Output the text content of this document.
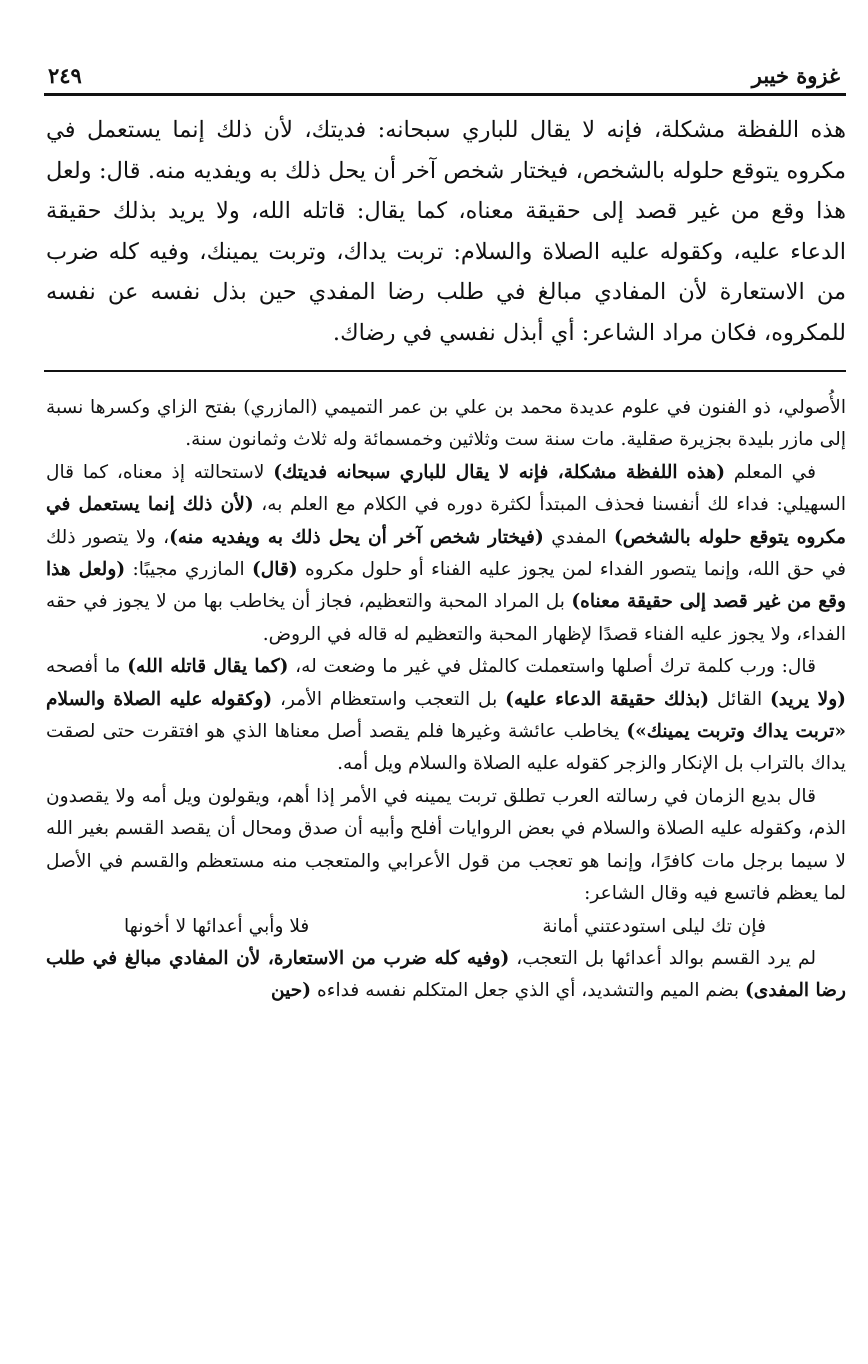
غزوة خيبر
٢٤٩

هذه اللفظة مشكلة، فإنه لا يقال للباري سبحانه: فديتك، لأن ذلك إنما يستعمل في مكروه يتوقع حلوله بالشخص، فيختار شخص آخر أن يحل ذلك به ويفديه منه. قال: ولعل هذا وقع من غير قصد إلى حقيقة معناه، كما يقال: قاتله الله، ولا يريد بذلك حقيقة الدعاء عليه، وكقوله عليه الصلاة والسلام: تربت يداك، وتربت يمينك، وفيه كله ضرب من الاستعارة لأن المفادي مبالغ في طلب رضا المفدي حين بذل نفسه عن نفسه للمكروه، فكان مراد الشاعر: أي أبذل نفسي في رضاك.

الأُصولي، ذو الفنون في علوم عديدة محمد بن علي بن عمر التميمي (المازري) بفتح الزاي وكسرها نسبة إلى مازر بليدة بجزيرة صقلية. مات سنة ست وثلاثين وخمسمائة وله ثلاث وثمانون سنة.

في المعلم (هذه اللفظة مشكلة، فإنه لا يقال للباري سبحانه فديتك) لاستحالته إذ معناه، كما قال السهيلي: فداء لك أنفسنا فحذف المبتدأ لكثرة دوره في الكلام مع العلم به، (لأن ذلك إنما يستعمل في مكروه يتوقع حلوله بالشخص) المفدي (فيختار شخص آخر أن يحل ذلك به ويفديه منه)، ولا يتصور ذلك في حق الله، وإنما يتصور الفداء لمن يجوز عليه الفناء أو حلول مكروه (قال) المازري مجيبًا: (ولعل هذا وقع من غير قصد إلى حقيقة معناه) بل المراد المحبة والتعظيم، فجاز أن يخاطب بها من لا يجوز في حقه الفداء، ولا يجوز عليه الفناء قصدًا لإظهار المحبة والتعظيم له قاله في الروض.

قال: ورب كلمة ترك أصلها واستعملت كالمثل في غير ما وضعت له، (كما يقال قاتله الله) ما أفصحه (ولا يريد) القائل (بذلك حقيقة الدعاء عليه) بل التعجب واستعظام الأمر، (وكقوله عليه الصلاة والسلام «تربت يداك وتربت يمينك») يخاطب عائشة وغيرها فلم يقصد أصل معناها الذي هو افتقرت حتى لصقت يداك بالتراب بل الإنكار والزجر كقوله عليه الصلاة والسلام ويل أمه.

قال بديع الزمان في رسالته العرب تطلق تربت يمينه في الأمر إذا أهم، ويقولون ويل أمه ولا يقصدون الذم، وكقوله عليه الصلاة والسلام في بعض الروايات أفلح وأبيه أن صدق ومحال أن يقصد القسم بغير الله لا سيما برجل مات كافرًا، وإنما هو تعجب من قول الأعرابي والمتعجب منه مستعظم والقسم في الأصل لما يعظم فاتسع فيه وقال الشاعر:

فإن تك ليلى استودعتني أمانة
فلا وأبي أعدائها لا أخونها

لم يرد القسم بوالد أعدائها بل التعجب، (وفيه كله ضرب من الاستعارة، لأن المفادي مبالغ في طلب رضا المفدى) بضم الميم والتشديد، أي الذي جعل المتكلم نفسه فداءه (حين
